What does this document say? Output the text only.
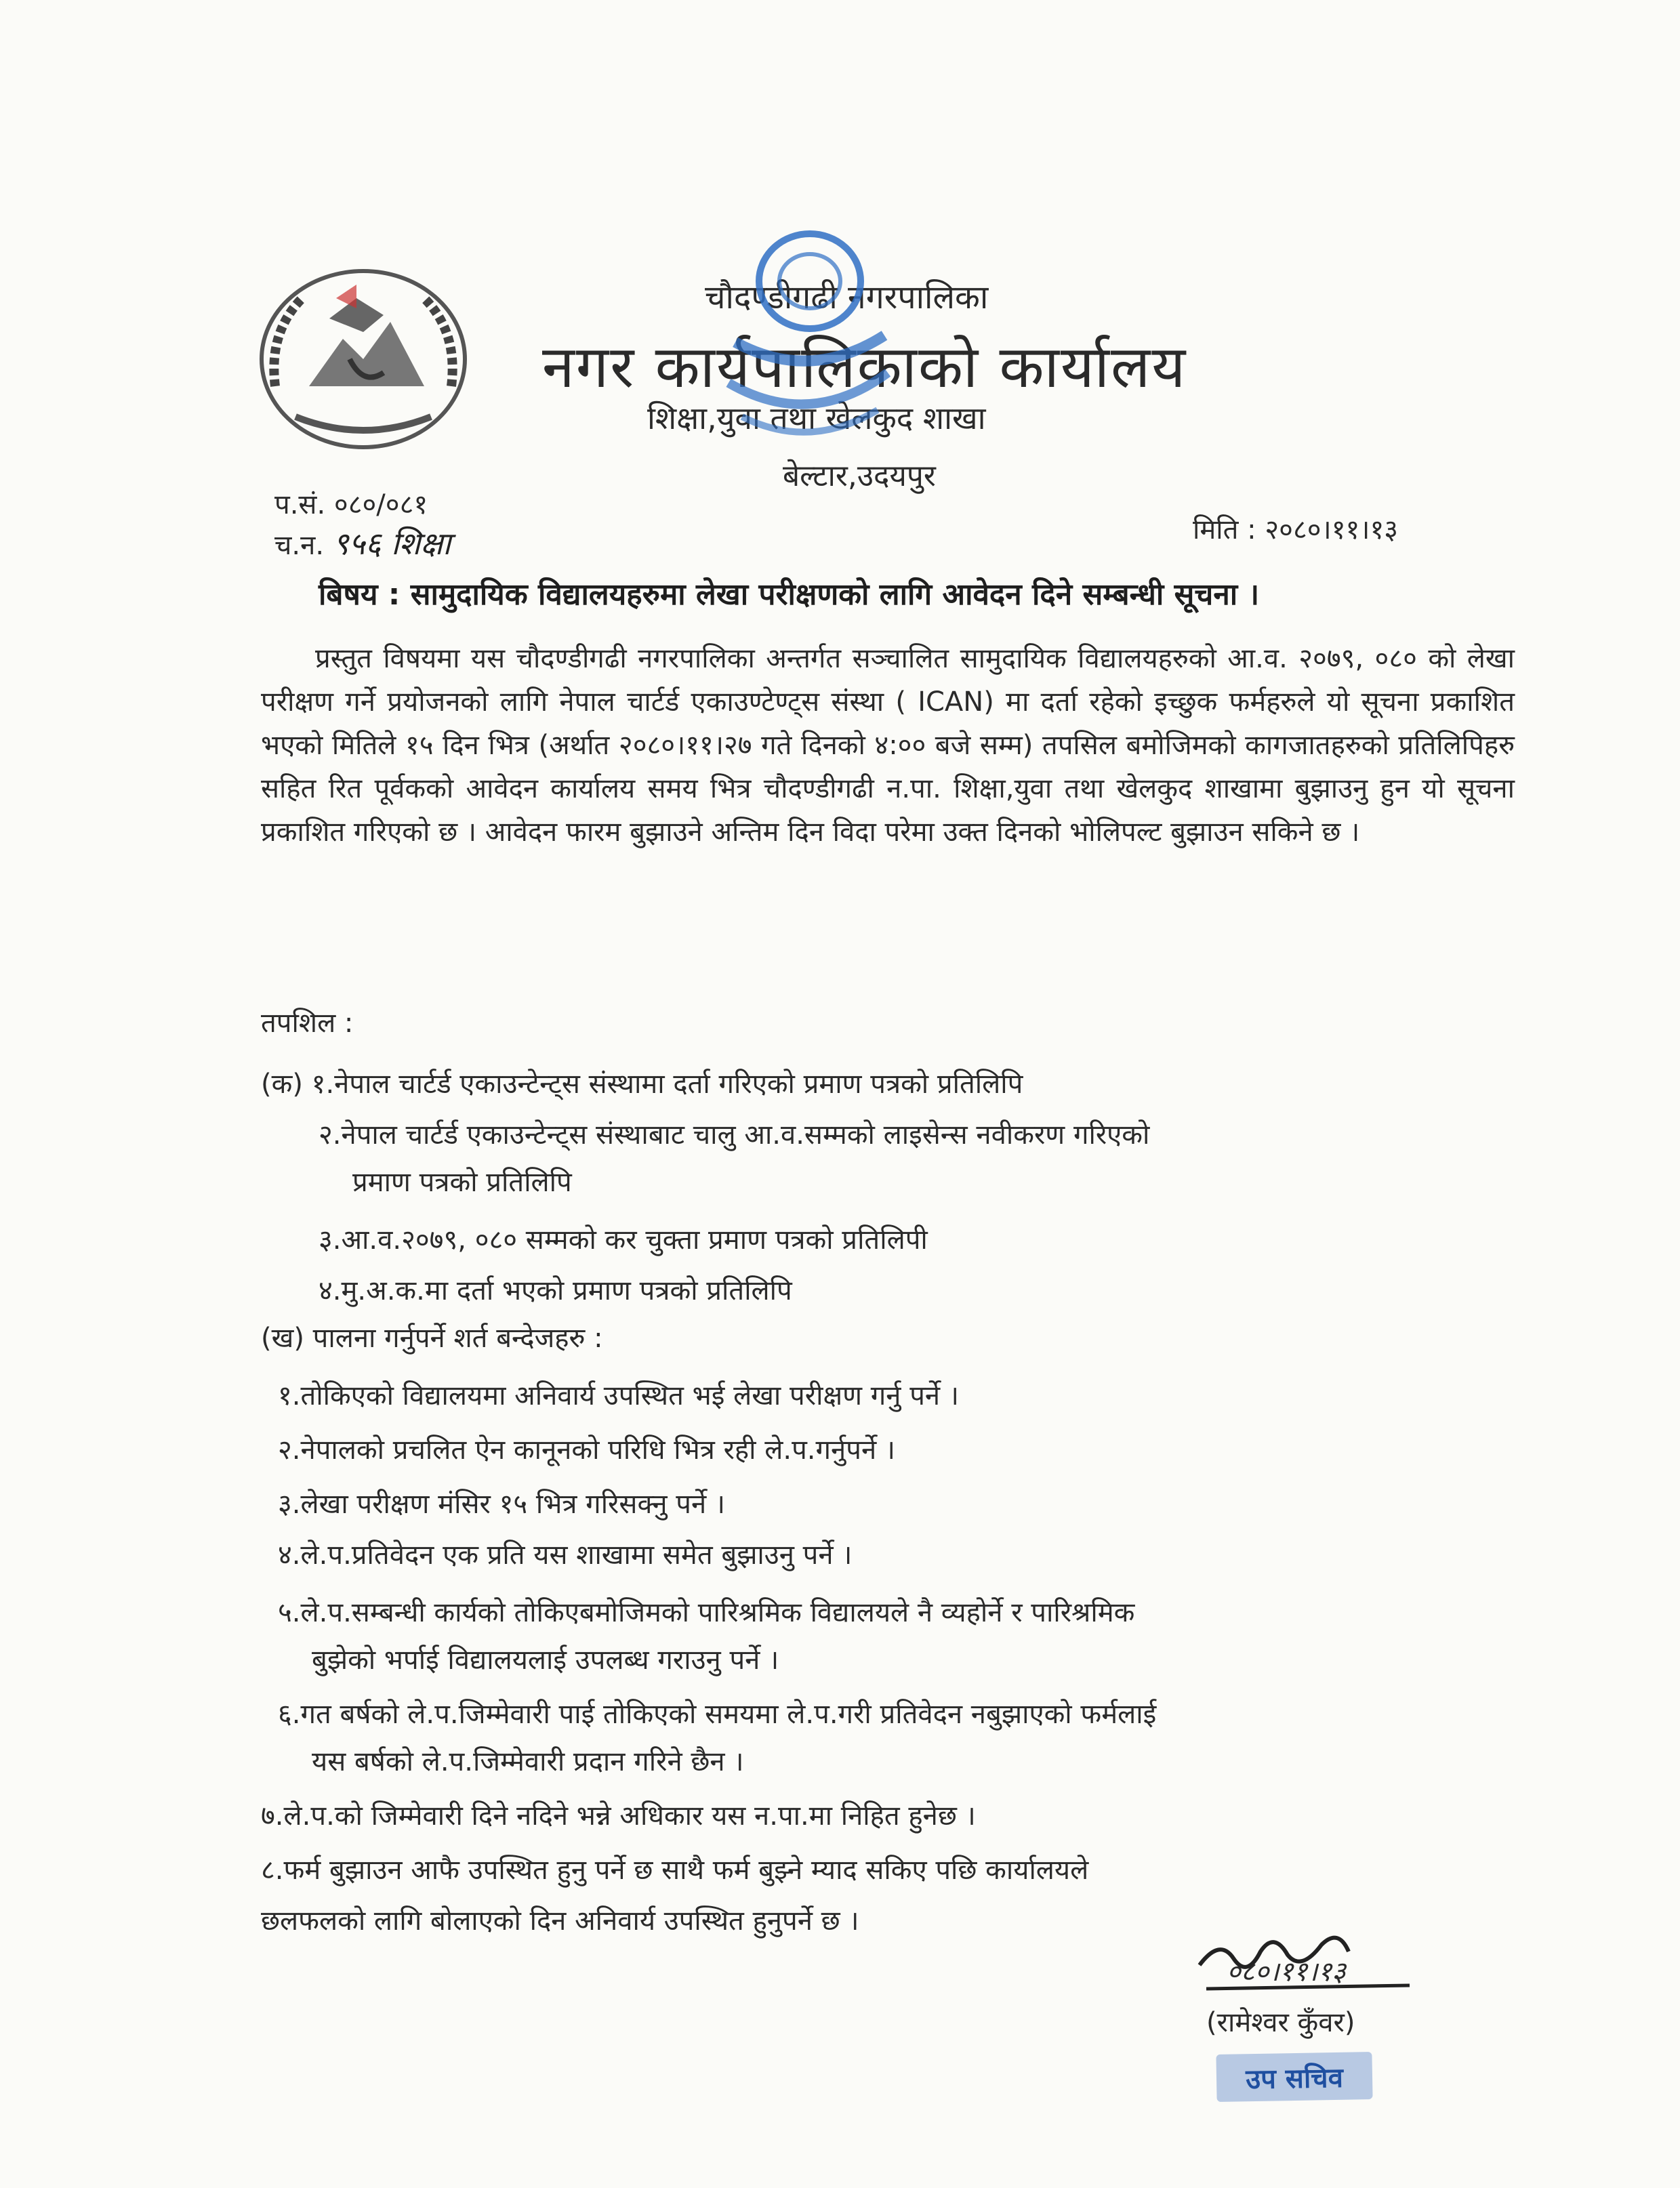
चौदण्डीगढी नगरपालिका
नगर कार्यपालिकाको कार्यालय
शिक्षा,युवा तथा खेलकुद शाखा
बेल्टार,उदयपुर
प.सं. ०८०/०८१
च.न. ९५६ शिक्षा	मिति : २०८०।११।१३
बिषय : सामुदायिक विद्यालयहरुमा लेखा परीक्षणको लागि आवेदन दिने सम्बन्धी सूचना ।
प्रस्तुत विषयमा यस चौदण्डीगढी नगरपालिका अन्तर्गत सञ्चालित सामुदायिक विद्यालयहरुको आ.व. २०७९, ०८० को लेखा परीक्षण गर्ने प्रयोजनको लागि नेपाल चार्टर्ड एकाउण्टेण्ट्स संस्था ( ICAN) मा दर्ता रहेको इच्छुक फर्महरुले यो सूचना प्रकाशित भएको मितिले १५ दिन भित्र (अर्थात २०८०।११।२७ गते दिनको ४:०० बजे सम्म) तपसिल बमोजिमको कागजातहरुको प्रतिलिपिहरु सहित रित पूर्वकको आवेदन कार्यालय समय भित्र चौदण्डीगढी न.पा. शिक्षा,युवा तथा खेलकुद शाखामा बुझाउनु हुन यो सूचना प्रकाशित गरिएको छ । आवेदन फारम बुझाउने अन्तिम दिन विदा परेमा उक्त दिनको भोलिपल्ट बुझाउन सकिने छ ।
तपशिल :
(क) १.नेपाल चार्टर्ड एकाउन्टेन्ट्स संस्थामा दर्ता गरिएको प्रमाण पत्रको प्रतिलिपि
२.नेपाल चार्टर्ड एकाउन्टेन्ट्स संस्थाबाट चालु आ.व.सम्मको लाइसेन्स नवीकरण गरिएको
प्रमाण पत्रको प्रतिलिपि
३.आ.व.२०७९, ०८० सम्मको कर चुक्ता प्रमाण पत्रको प्रतिलिपी
४.मु.अ.क.मा दर्ता भएको प्रमाण पत्रको प्रतिलिपि
(ख) पालना गर्नुपर्ने शर्त बन्देजहरु :
१.तोकिएको विद्यालयमा अनिवार्य उपस्थित भई लेखा परीक्षण गर्नु पर्ने ।
२.नेपालको प्रचलित ऐन कानूनको परिधि भित्र रही ले.प.गर्नुपर्ने ।
३.लेखा परीक्षण मंसिर १५ भित्र गरिसक्नु पर्ने ।
४.ले.प.प्रतिवेदन एक प्रति यस शाखामा समेत बुझाउनु पर्ने ।
५.ले.प.सम्बन्धी कार्यको तोकिएबमोजिमको पारिश्रमिक विद्यालयले नै व्यहोर्ने र पारिश्रमिक
बुझेको भर्पाई विद्यालयलाई उपलब्ध गराउनु पर्ने ।
६.गत बर्षको ले.प.जिम्मेवारी पाई तोकिएको समयमा ले.प.गरी प्रतिवेदन नबुझाएको फर्मलाई
यस बर्षको ले.प.जिम्मेवारी प्रदान गरिने छैन ।
७.ले.प.को जिम्मेवारी दिने नदिने भन्ने अधिकार यस न.पा.मा निहित हुनेछ ।
८.फर्म बुझाउन आफै उपस्थित हुनु पर्ने छ साथै फर्म बुझ्ने म्याद सकिए पछि कार्यालयले
छलफलको लागि बोलाएको दिन अनिवार्य उपस्थित हुनुपर्ने छ ।
०८०।११।१३
(रामेश्वर कुँवर)
उप सचिव
